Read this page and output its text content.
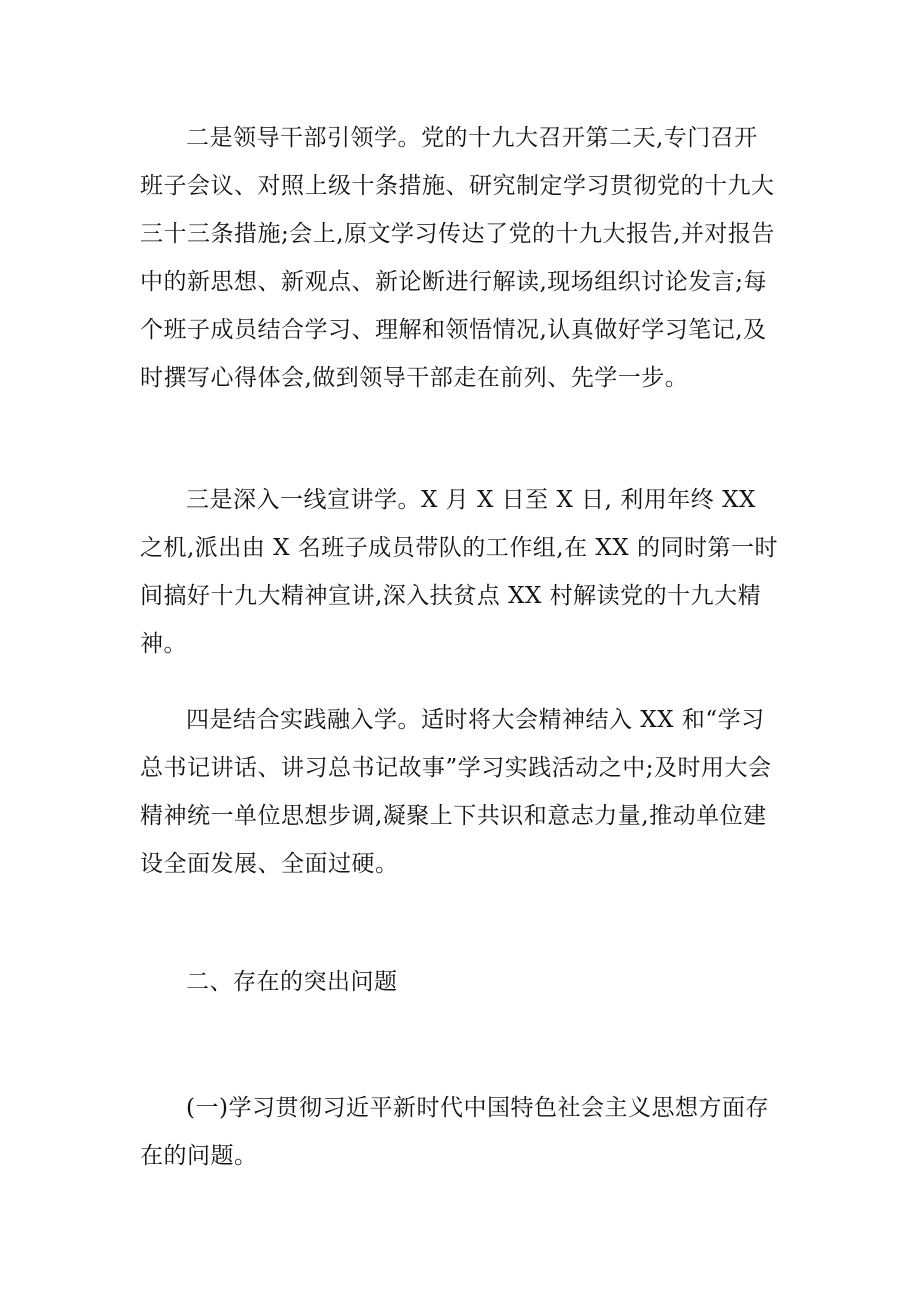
二是领导干部引领学。党的十九大召开第二天,专门召开班子会议、对照上级十条措施、研究制定学习贯彻党的十九大三十三条措施;会上,原文学习传达了党的十九大报告,并对报告中的新思想、新观点、新论断进行解读,现场组织讨论发言;每个班子成员结合学习、理解和领悟情况,认真做好学习笔记,及时撰写心得体会,做到领导干部走在前列、先学一步。

三是深入一线宣讲学。X 月 X 日至 X 日, 利用年终 XX 之机,派出由 X 名班子成员带队的工作组,在 XX 的同时第一时间搞好十九大精神宣讲,深入扶贫点 XX 村解读党的十九大精神。

四是结合实践融入学。适时将大会精神结入 XX 和“学习总书记讲话、讲习总书记故事”学习实践活动之中;及时用大会精神统一单位思想步调,凝聚上下共识和意志力量,推动单位建设全面发展、全面过硬。

二、存在的突出问题

(一)学习贯彻习近平新时代中国特色社会主义思想方面存在的问题。
